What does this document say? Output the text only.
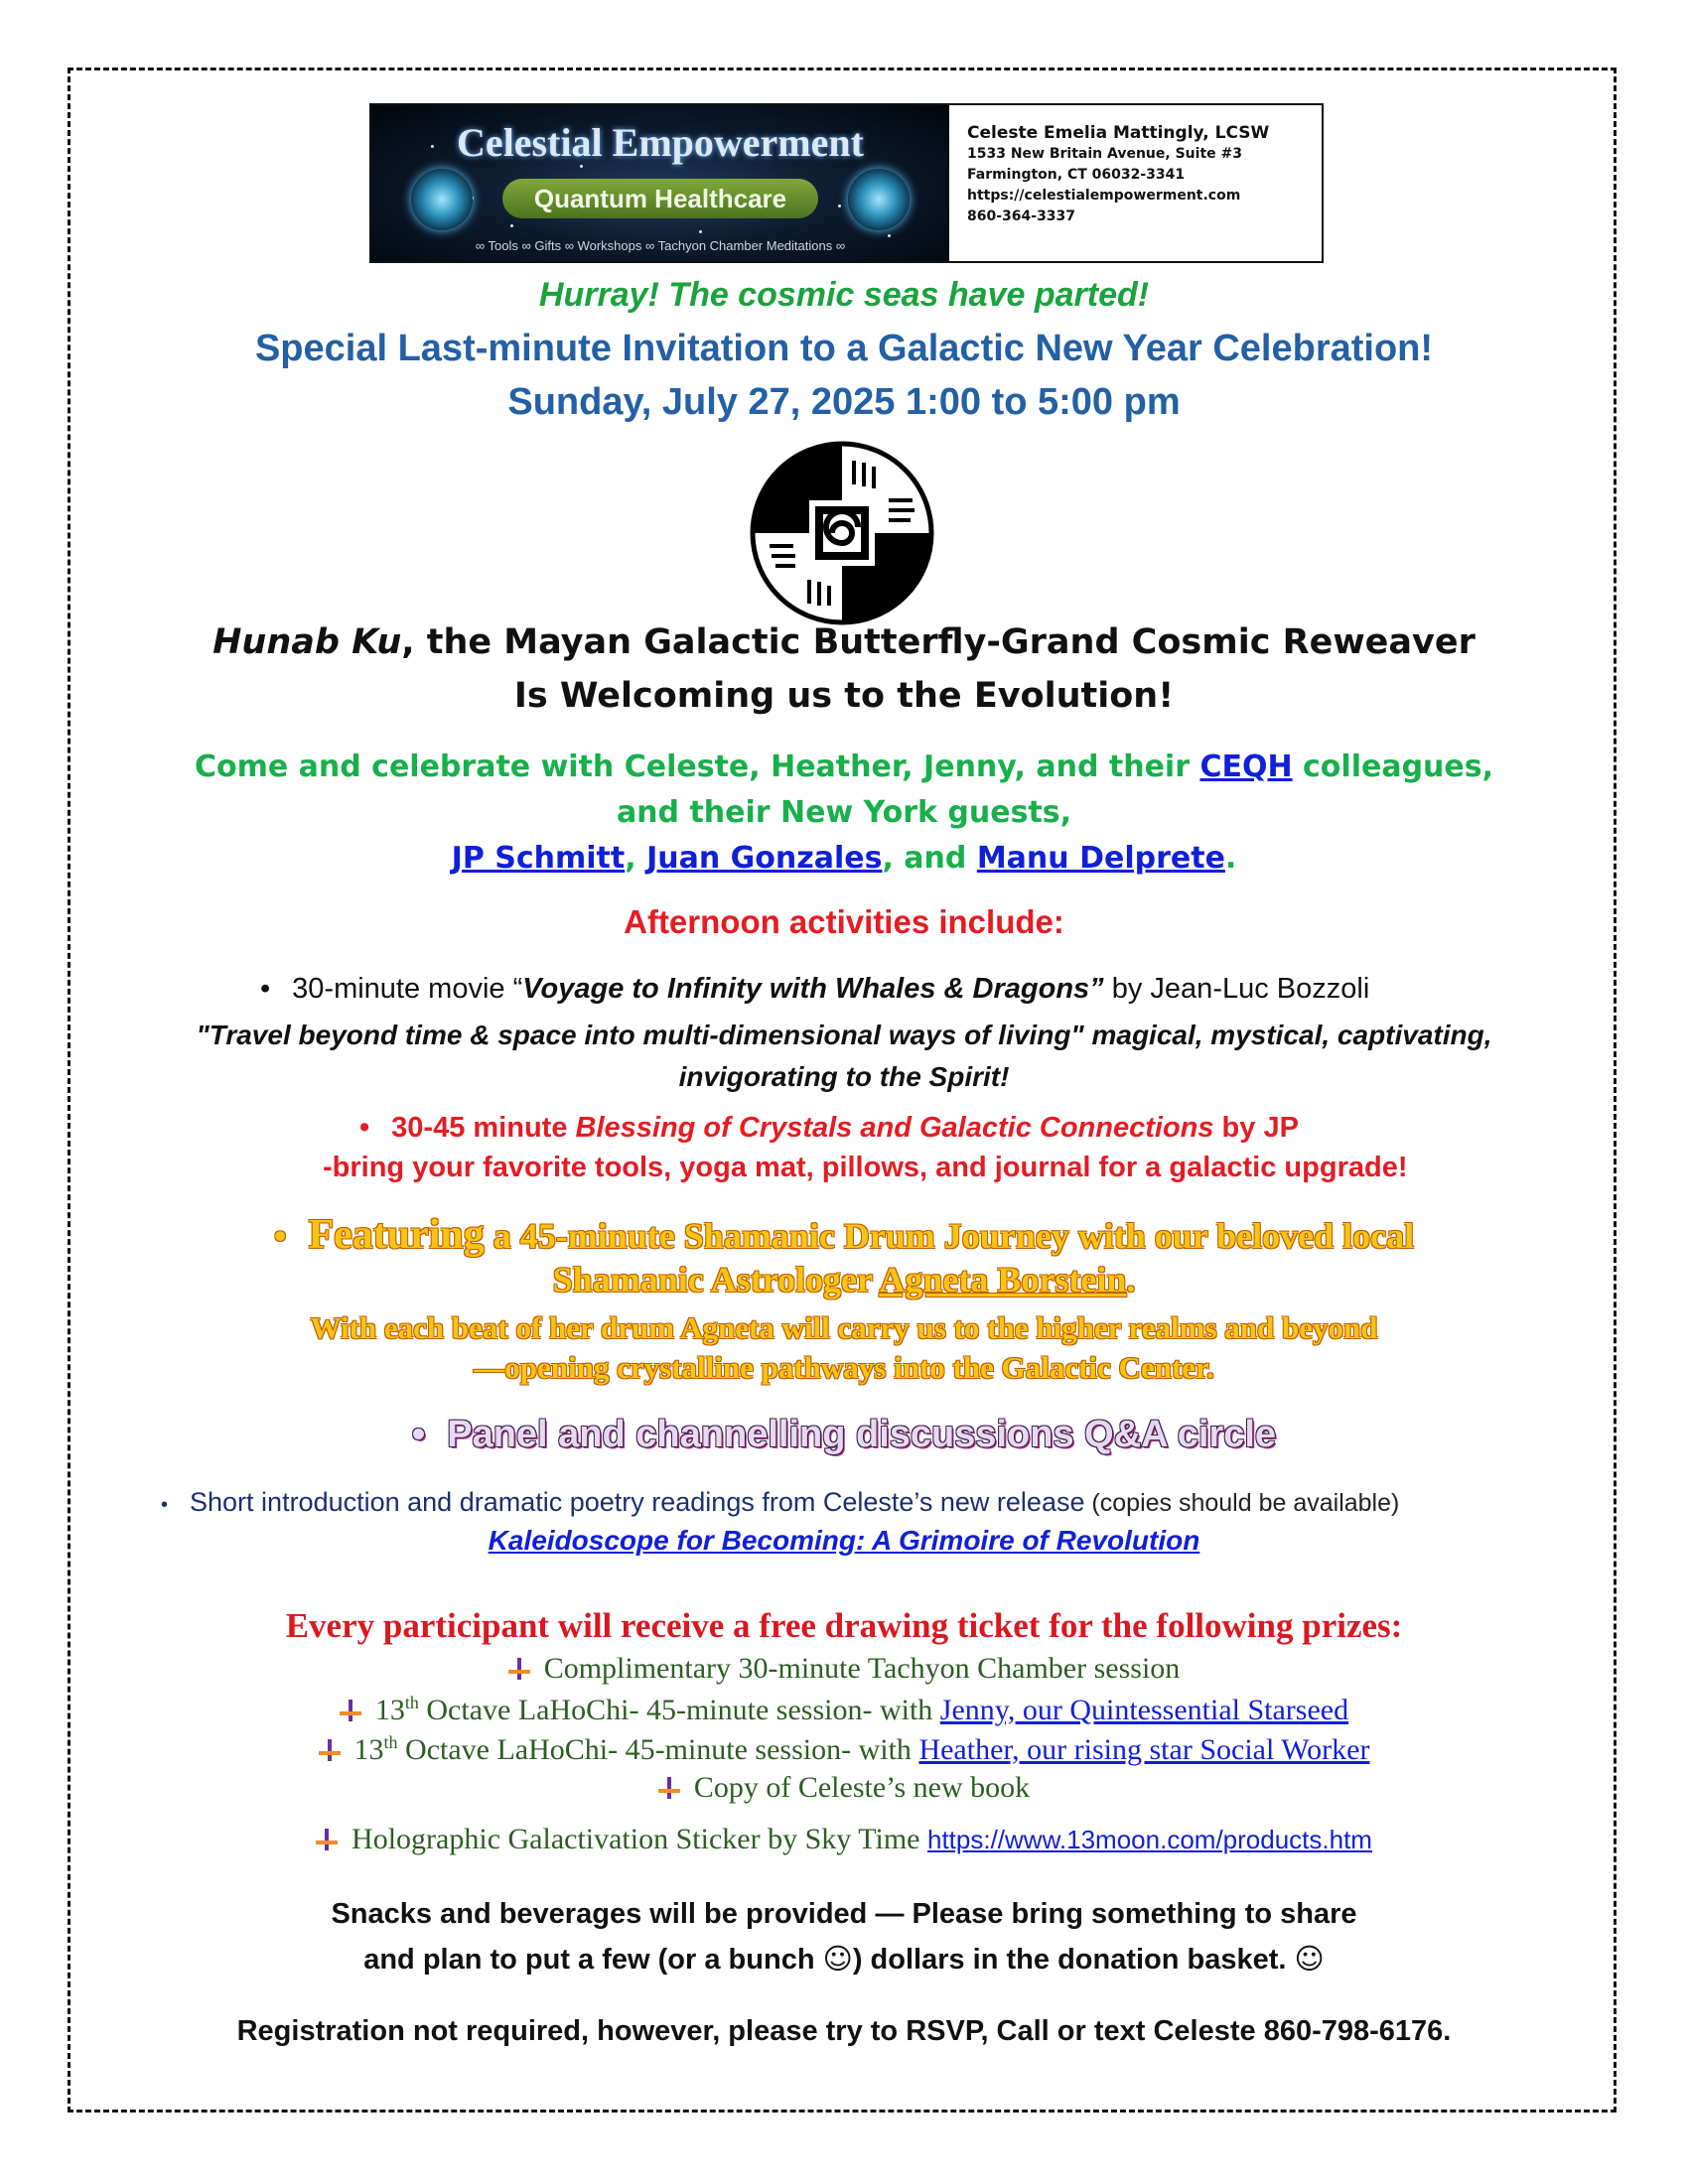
Celestial Empowerment
Quantum Healthcare
∞ Tools ∞ Gifts ∞ Workshops ∞ Tachyon Chamber Meditations ∞
Celeste Emelia Mattingly, LCSW
1533 New Britain Avenue, Suite #3
Farmington, CT 06032-3341
https://celestialempowerment.com
860-364-3337
Hurray! The cosmic seas have parted!
Special Last-minute Invitation to a Galactic New Year Celebration!
Sunday, July 27, 2025 1:00 to 5:00 pm
Hunab Ku, the Mayan Galactic Butterfly-Grand Cosmic Reweaver
Is Welcoming us to the Evolution!
Come and celebrate with Celeste, Heather, Jenny, and their CEQH colleagues,
and their New York guests,
JP Schmitt, Juan Gonzales, and Manu Delprete.
Afternoon activities include:
• 30-minute movie “Voyage to Infinity with Whales & Dragons” by Jean-Luc Bozzoli
"Travel beyond time & space into multi-dimensional ways of living" magical, mystical, captivating,
invigorating to the Spirit!
• 30-45 minute Blessing of Crystals and Galactic Connections by JP
-bring your favorite tools, yoga mat, pillows, and journal for a galactic upgrade!
• Featuring a 45-minute Shamanic Drum Journey with our beloved local
Shamanic Astrologer Agneta Borstein.
With each beat of her drum Agneta will carry us to the higher realms and beyond
—opening crystalline pathways into the Galactic Center.
• Panel and channelling discussions Q&A circle
• Short introduction and dramatic poetry readings from Celeste’s new release (copies should be available)
Kaleidoscope for Becoming: A Grimoire of Revolution
Every participant will receive a free drawing ticket for the following prizes:
Complimentary 30-minute Tachyon Chamber session
13th Octave LaHoChi- 45-minute session- with Jenny, our Quintessential Starseed
13th Octave LaHoChi- 45-minute session- with Heather, our rising star Social Worker
Copy of Celeste’s new book
Holographic Galactivation Sticker by Sky Time https://www.13moon.com/products.htm
Snacks and beverages will be provided — Please bring something to share
and plan to put a few (or a bunch ☺) dollars in the donation basket. ☺
Registration not required, however, please try to RSVP, Call or text Celeste 860-798-6176.
